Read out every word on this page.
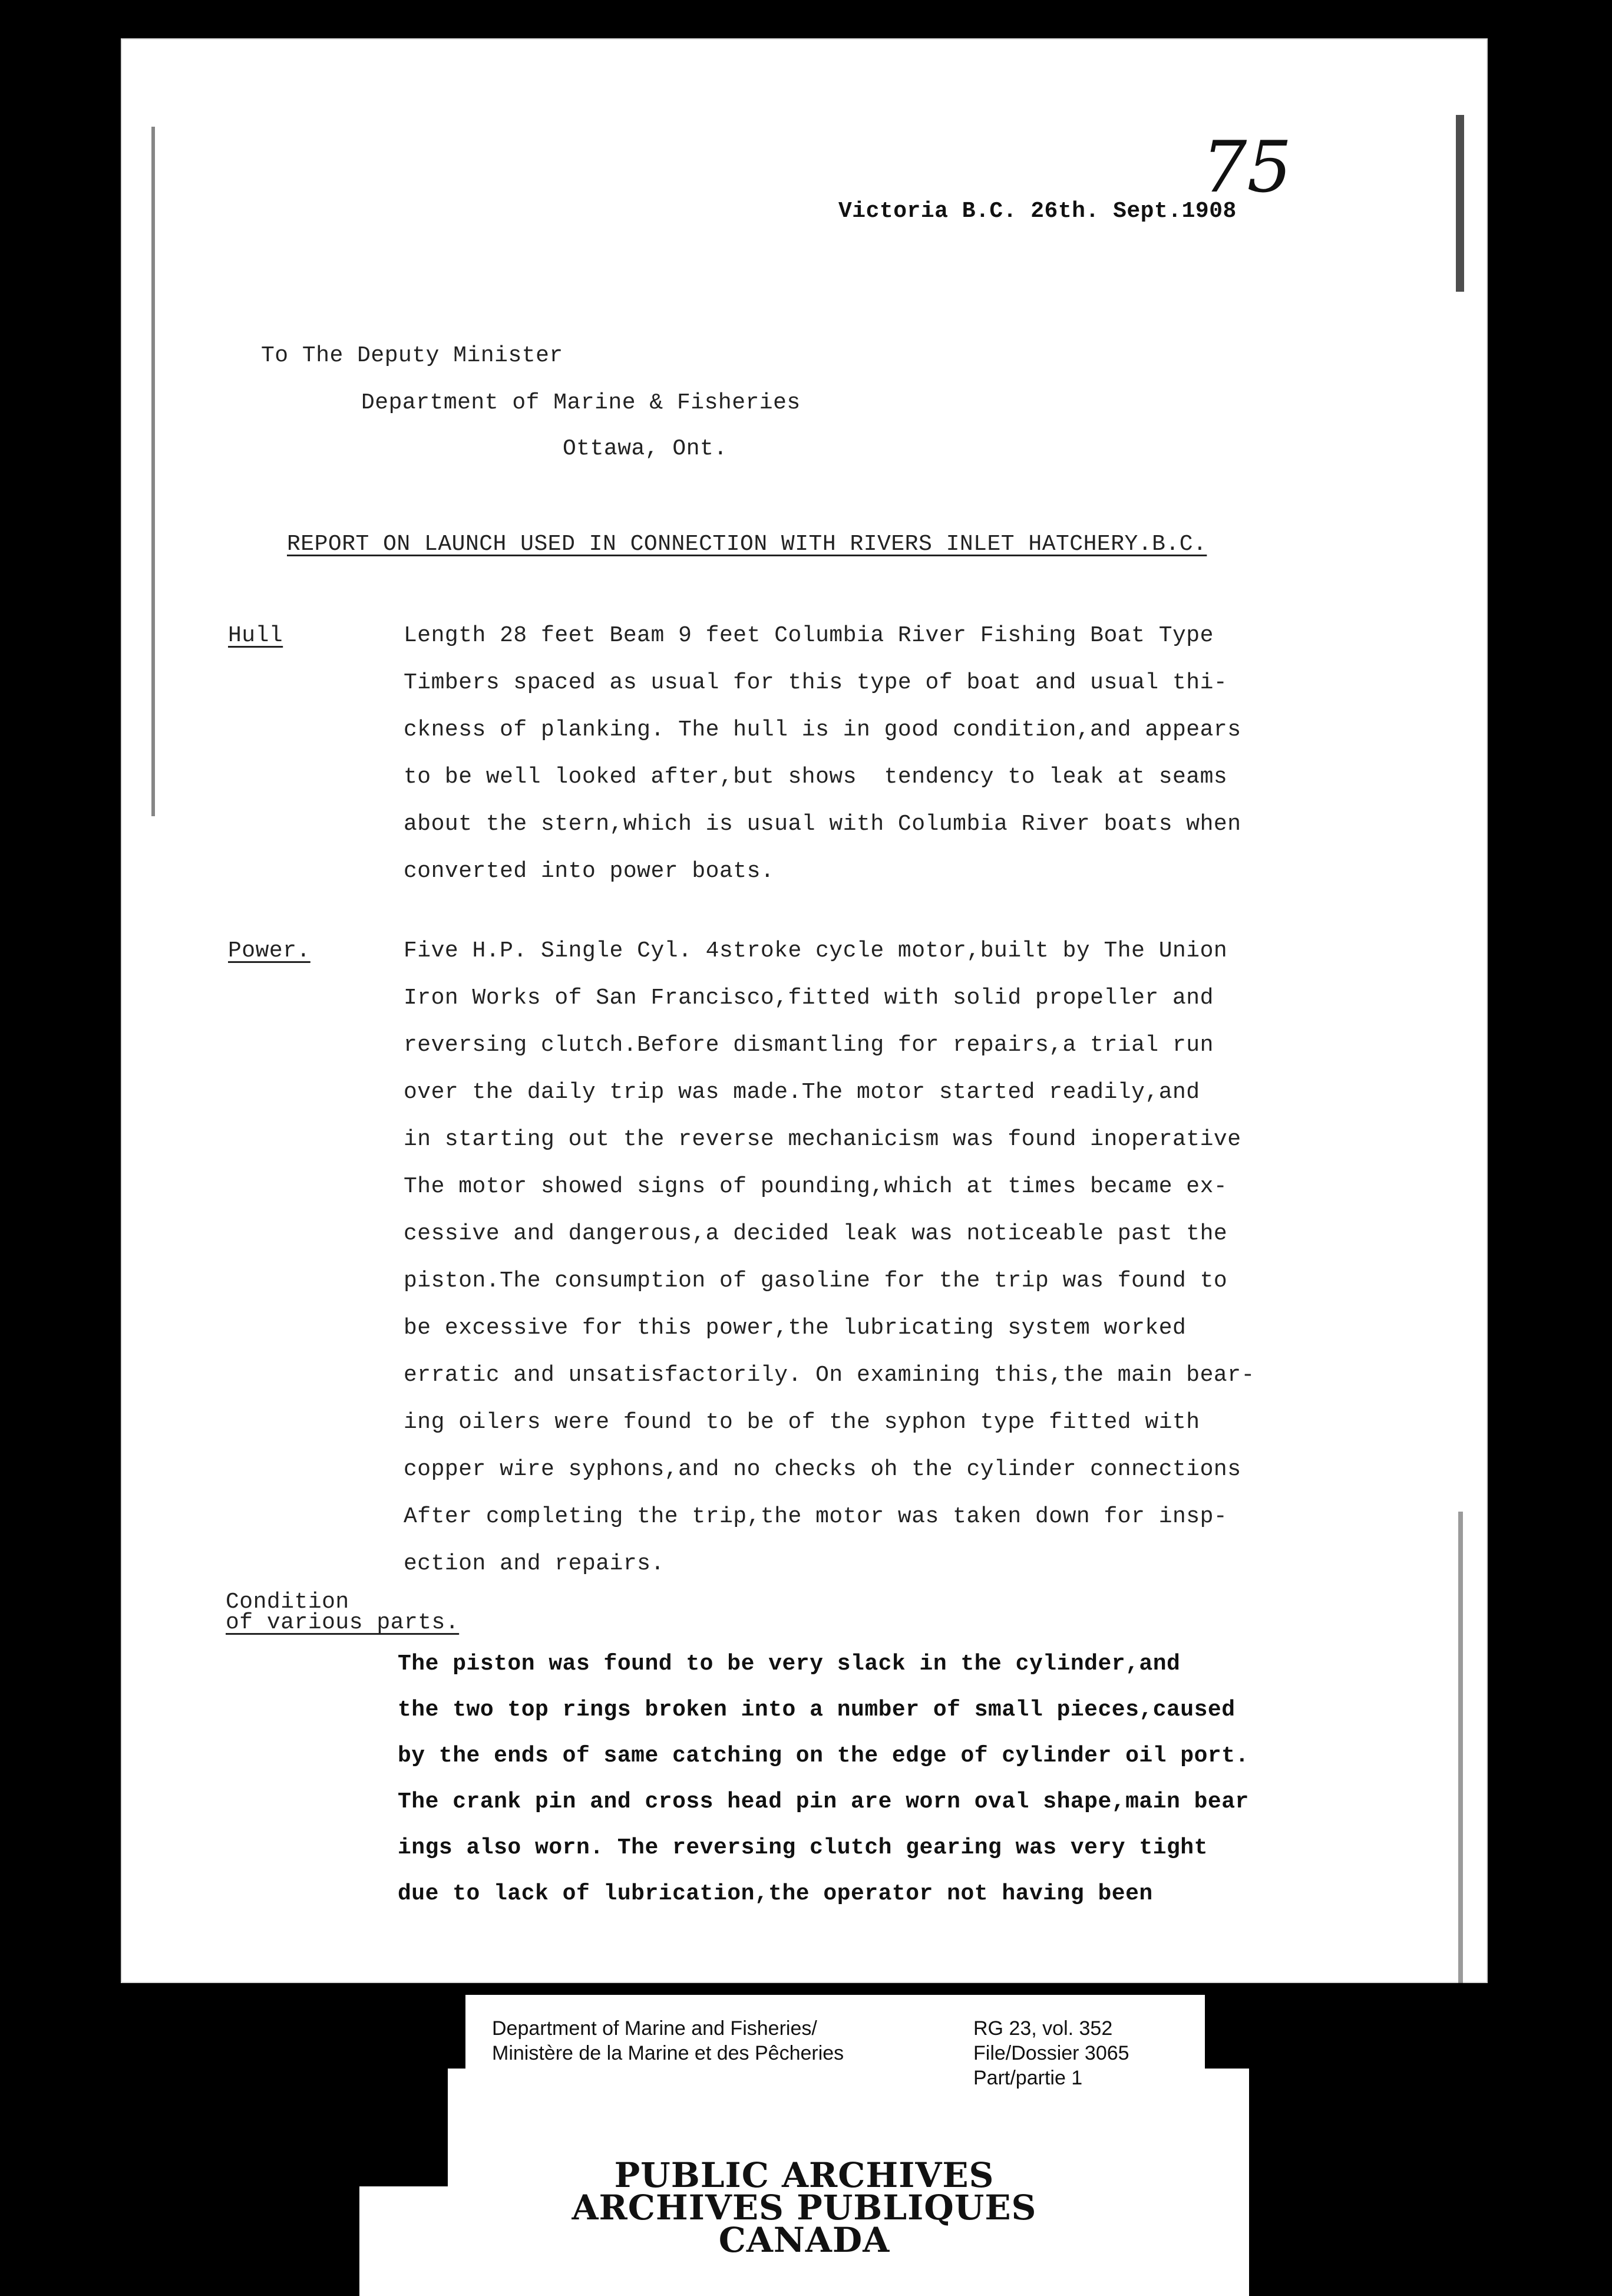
75
Victoria B.C. 26th. Sept.1908
To The Deputy Minister
Department of Marine & Fisheries
Ottawa, Ont.
REPORT ON LAUNCH USED IN CONNECTION WITH RIVERS INLET HATCHERY.B.C.
Hull	Length 28 feet Beam 9 feet Columbia River Fishing Boat Type
Timbers spaced as usual for this type of boat and usual thi-
ckness of planking. The hull is in good condition,and appears
to be well looked after,but shows  tendency to leak at seams
about the stern,which is usual with Columbia River boats when
converted into power boats.
Power.	Five H.P. Single Cyl. 4stroke cycle motor,built by The Union
Iron Works of San Francisco,fitted with solid propeller and
reversing clutch.Before dismantling for repairs,a trial run
over the daily trip was made.The motor started readily,and
in starting out the reverse mechanicism was found inoperative
The motor showed signs of pounding,which at times became ex-
cessive and dangerous,a decided leak was noticeable past the
piston.The consumption of gasoline for the trip was found to
be excessive for this power,the lubricating system worked
erratic and unsatisfactorily. On examining this,the main bear-
ing oilers were found to be of the syphon type fitted with
copper wire syphons,and no checks oh the cylinder connections
After completing the trip,the motor was taken down for insp-
ection and repairs.
Condition
of various parts.
The piston was found to be very slack in the cylinder,and
the two top rings broken into a number of small pieces,caused
by the ends of same catching on the edge of cylinder oil port.
The crank pin and cross head pin are worn oval shape,main bear
ings also worn. The reversing clutch gearing was very tight
due to lack of lubrication,the operator not having been
PUBLIC ARCHIVES
ARCHIVES PUBLIQUES
CANADA
Department of Marine and Fisheries/
Ministère de la Marine et des Pêcheries
RG 23, vol. 352
File/Dossier 3065
Part/partie 1
